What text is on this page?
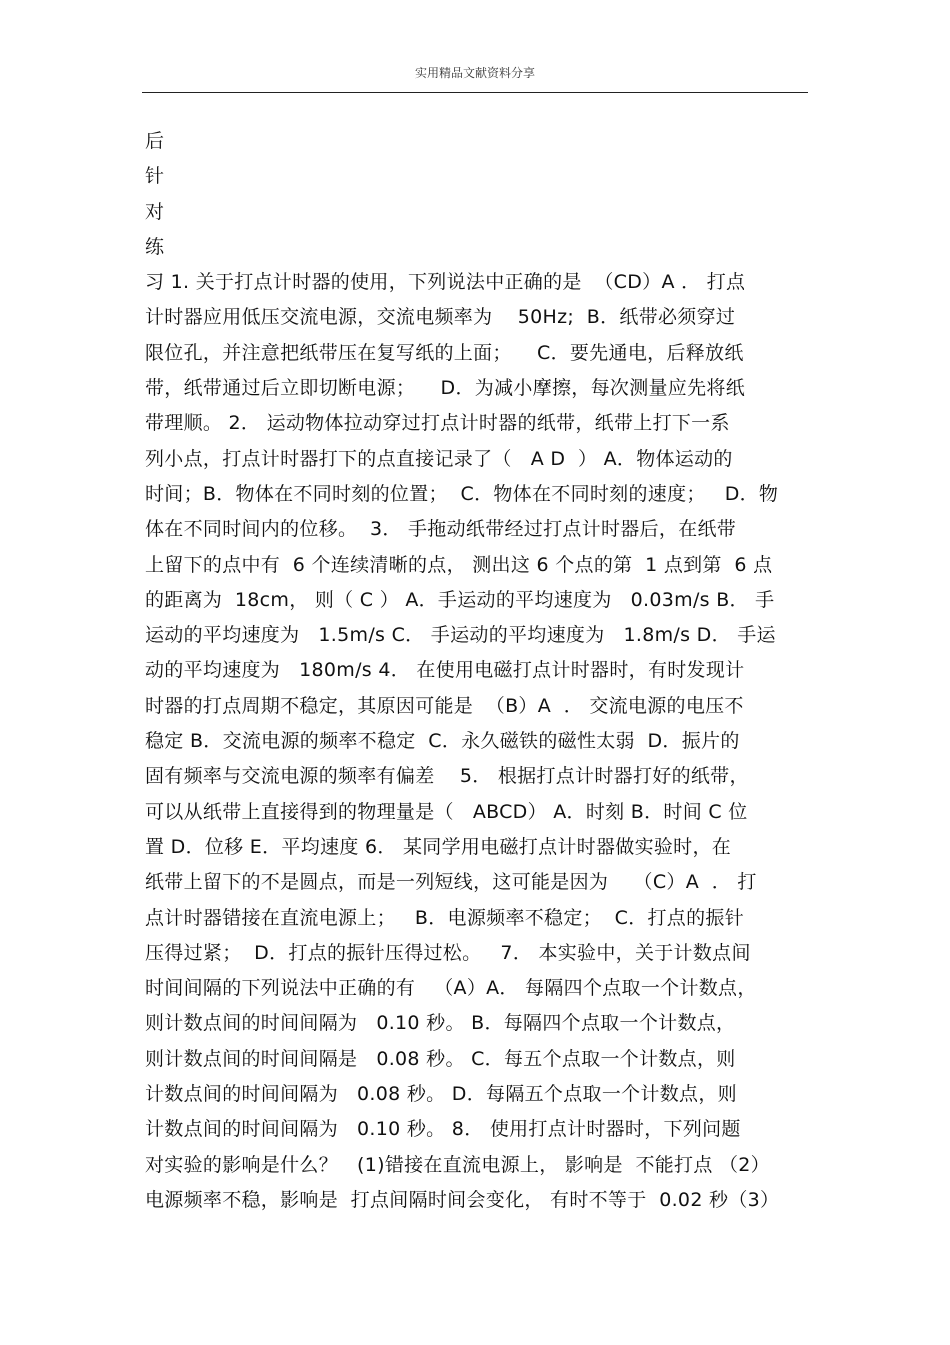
实用精品文献资料分享
后
针
对
练
习 1. 关于打点计时器的使用，下列说法中正确的是  （CD）A ． 打点
计时器应用低压交流电源，交流电频率为    50Hz;  B．纸带必须穿过
限位孔，并注意把纸带压在复写纸的上面；    C．要先通电，后释放纸
带，纸带通过后立即切断电源；    D．为减小摩擦，每次测量应先将纸
带理顺。 2． 运动物体拉动穿过打点计时器的纸带，纸带上打下一系
列小点，打点计时器打下的点直接记录了（   A D  ） A．物体运动的
时间；B．物体在不同时刻的位置；  C．物体在不同时刻的速度；   D．物
体在不同时间内的位移。  3． 手拖动纸带经过打点计时器后，在纸带
上留下的点中有  6 个连续清晰的点， 测出这 6 个点的第  1 点到第  6 点
的距离为  18cm， 则（ C ） A．手运动的平均速度为   0.03m/s B． 手
运动的平均速度为   1.5m/s C． 手运动的平均速度为   1.8m/s D． 手运
动的平均速度为   180m/s 4． 在使用电磁打点计时器时，有时发现计
时器的打点周期不稳定，其原因可能是  （B）A  ． 交流电源的电压不
稳定 B．交流电源的频率不稳定  C．永久磁铁的磁性太弱  D．振片的
固有频率与交流电源的频率有偏差    5． 根据打点计时器打好的纸带，
可以从纸带上直接得到的物理量是（   ABCD） A．时刻 B．时间 C 位
置 D．位移 E．平均速度 6． 某同学用电磁打点计时器做实验时，在
纸带上留下的不是圆点，而是一列短线，这可能是因为    （C）A  ． 打
点计时器错接在直流电源上；   B．电源频率不稳定；  C．打点的振针
压得过紧；  D．打点的振针压得过松。   7． 本实验中，关于计数点间
时间间隔的下列说法中正确的有   （A）A． 每隔四个点取一个计数点，
则计数点间的时间间隔为   0.10 秒。 B．每隔四个点取一个计数点，
则计数点间的时间间隔是   0.08 秒。 C．每五个点取一个计数点，则
计数点间的时间间隔为   0.08 秒。 D．每隔五个点取一个计数点，则
计数点间的时间间隔为   0.10 秒。 8． 使用打点计时器时，下列问题
对实验的影响是什么？   (1)错接在直流电源上， 影响是  不能打点 （2）
电源频率不稳，影响是  打点间隔时间会变化， 有时不等于  0.02 秒（3）
